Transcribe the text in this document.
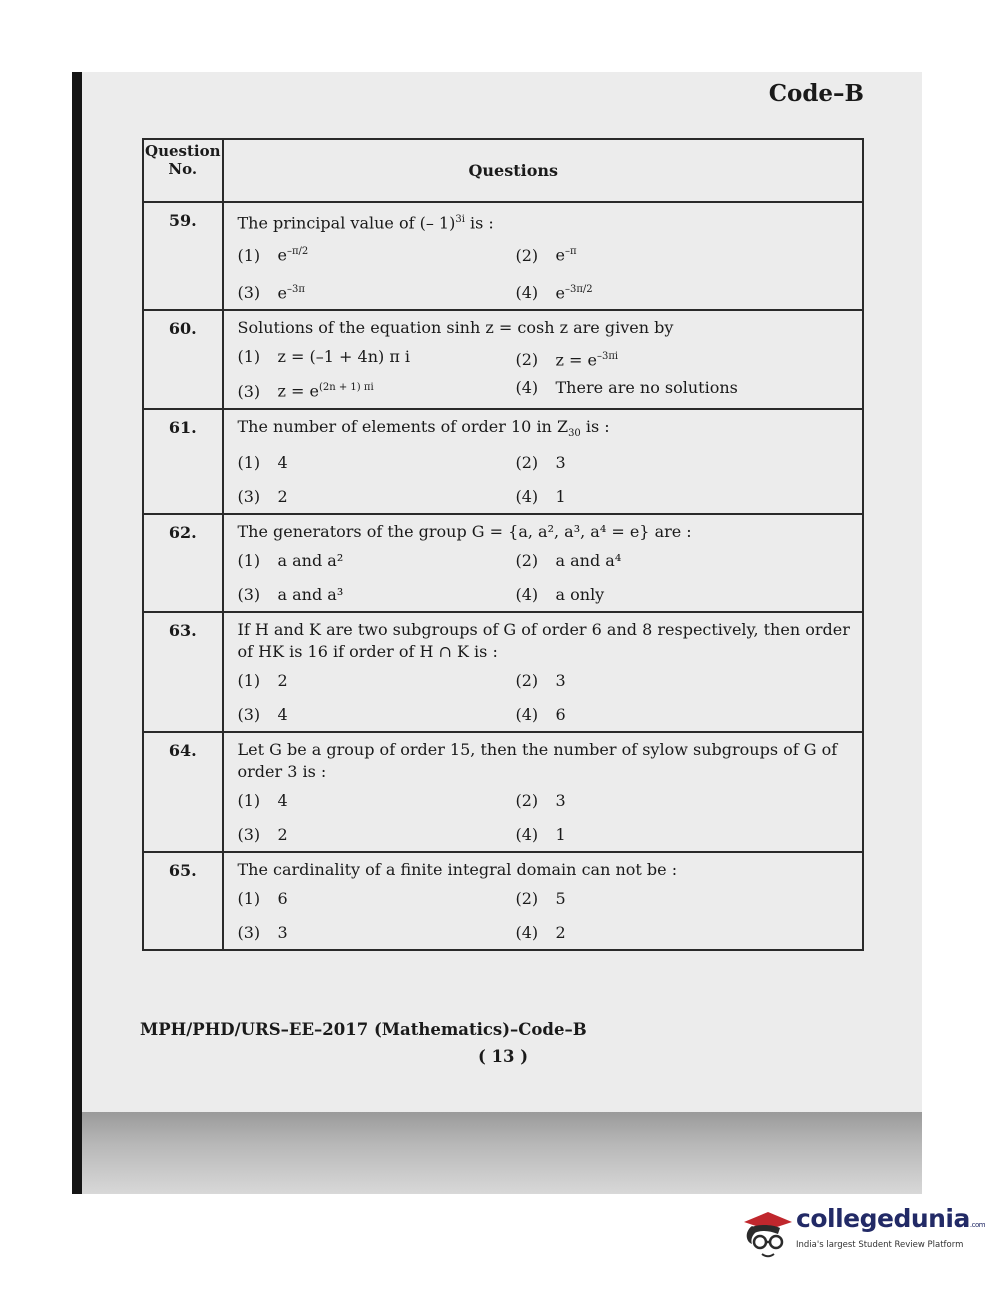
Code–B
Question
No.	Questions
59.	The principal value of (– 1)$^{3i}$ is :
(1) $e^{-\pi/2}$ (2) $e^{-\pi}$
(3) $e^{-3\pi}$ (4) $e^{-3\pi/2}$

60.	Solutions of the equation sinh z = cosh z are given by
(1) z = (–1 + 4n) π i (2) $z = e^{-3\pi i}$
(3) $z = e^{(2n + 1) \pi i}$ (4) There are no solutions

61.	The number of elements of order 10 in $Z_{30}$ is :
(1) 4 (2) 3
(3) 2 (4) 1

62.	The generators of the group G = {a, a², a³, a⁴ = e} are :
(1) a and a² (2) a and a⁴
(3) a and a³ (4) a only

63.	If H and K are two subgroups of G of order 6 and 8 respectively, then order of HK is 16 if order of H ∩ K is :
(1) 2 (2) 3
(3) 4 (4) 6

64.	Let G be a group of order 15, then the number of sylow subgroups of G of order 3 is :
(1) 4 (2) 3
(3) 2 (4) 1

65.	The cardinality of a finite integral domain can not be :
(1) 6 (2) 5
(3) 3 (4) 2
MPH/PHD/URS–EE–2017 (Mathematics)–Code–B
( 13 )
collegedunia.com
India's largest Student Review Platform
